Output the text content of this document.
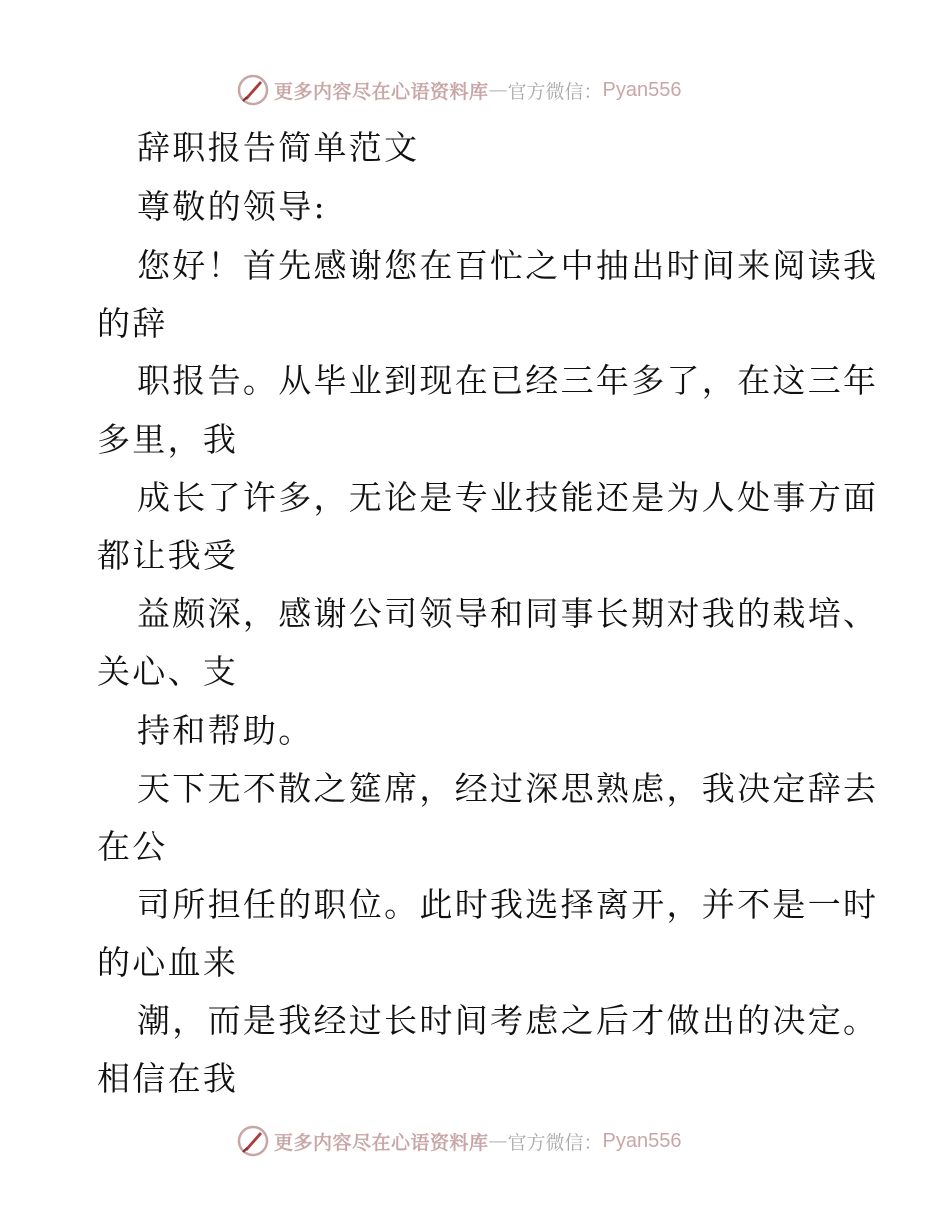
更多内容尽在心语资料库 — 官方微信： Pyan556
辞职报告简单范文
尊敬的领导:
您好！首先感谢您在百忙之中抽出时间来阅读我
的辞
职报告。从毕业到现在已经三年多了，在这三年
多里，我
成长了许多，无论是专业技能还是为人处事方面
都让我受
益颇深，感谢公司领导和同事长期对我的栽培、
关心、支
持和帮助。
天下无不散之筵席，经过深思熟虑，我决定辞去
在公
司所担任的职位。此时我选择离开，并不是一时
的心血来
潮，而是我经过长时间考虑之后才做出的决定。
相信在我
更多内容尽在心语资料库 — 官方微信： Pyan556
